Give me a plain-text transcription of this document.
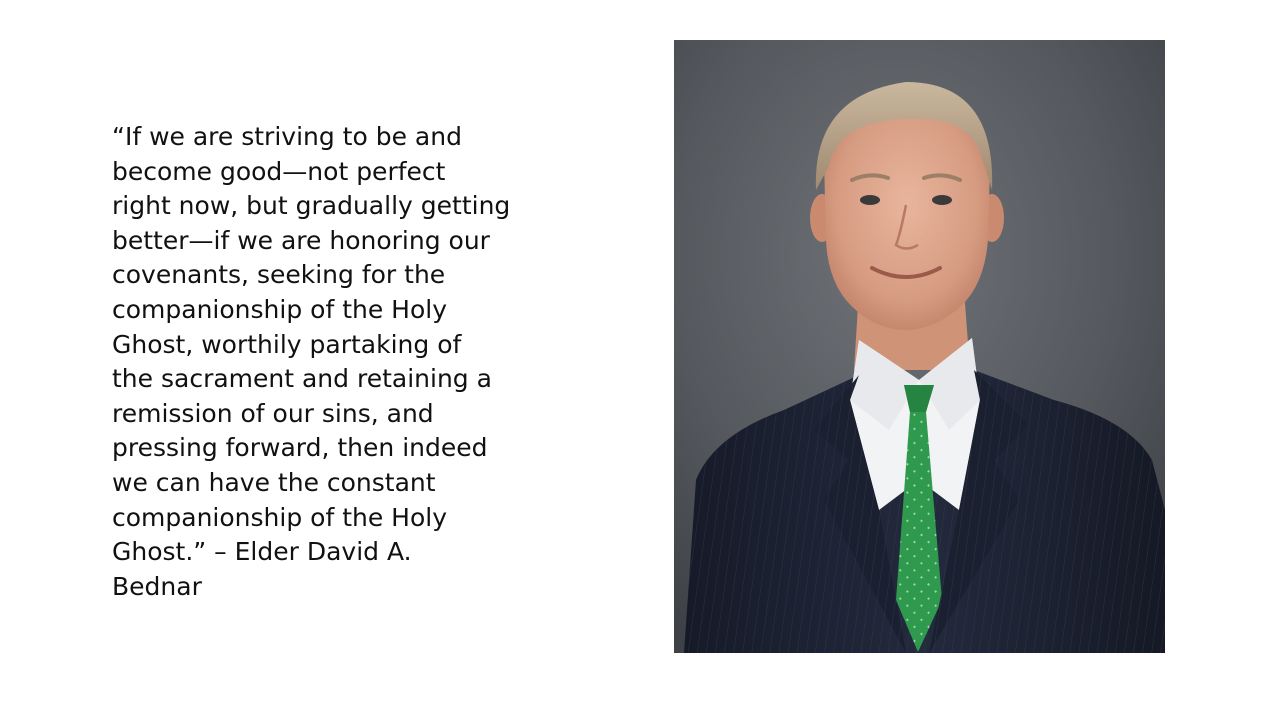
“If we are striving to be and
become good—not perfect
right now, but gradually getting
better—if we are honoring our
covenants, seeking for the
companionship of the Holy
Ghost, worthily partaking of
the sacrament and retaining a
remission of our sins, and
pressing forward, then indeed
we can have the constant
companionship of the Holy
Ghost.” – Elder David A.
Bednar
